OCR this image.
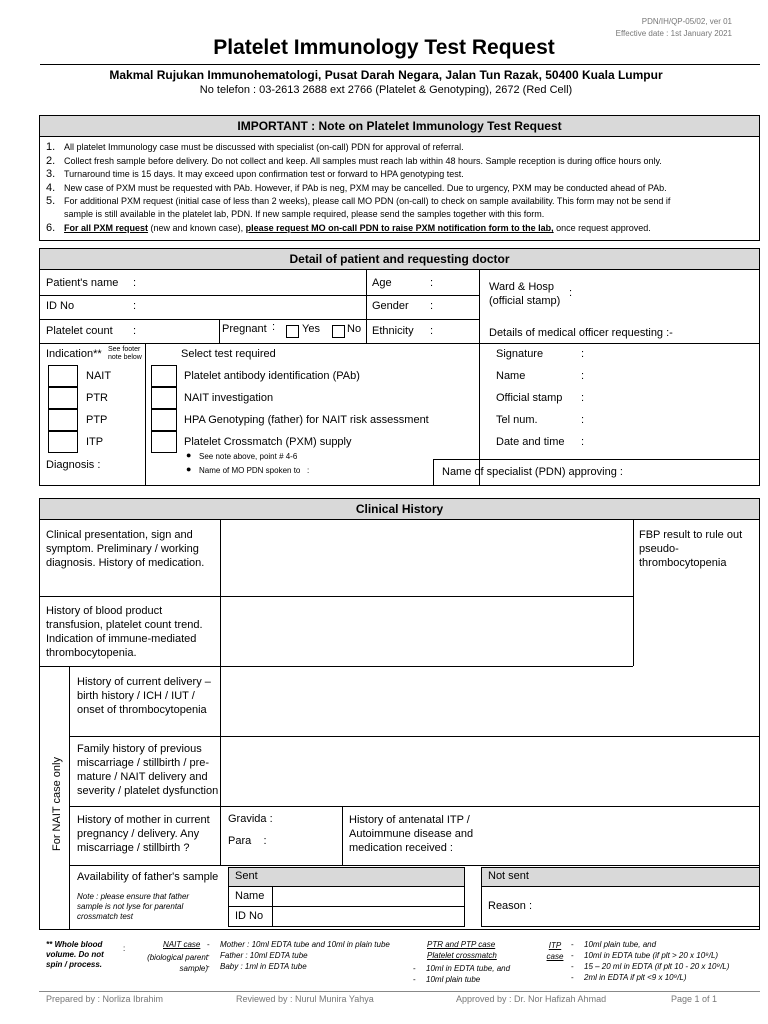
PDN/IH/QP-05/02, ver 01
Effective date : 1st January 2021
Platelet Immunology Test Request
Makmal Rujukan Immunohematologi, Pusat Darah Negara, Jalan Tun Razak, 50400 Kuala Lumpur
No telefon : 03-2613 2688 ext 2766 (Platelet & Genotyping), 2672 (Red Cell)
IMPORTANT : Note on Platelet Immunology Test Request
1. All platelet Immunology case must be discussed with specialist (on-call) PDN for approval of referral.
2. Collect fresh sample before delivery. Do not collect and keep. All samples must reach lab within 48 hours. Sample reception is during office hours only.
3. Turnaround time is 15 days. It may exceed upon confirmation test or forward to HPA genotyping test.
4. New case of PXM must be requested with PAb. However, if PAb is neg, PXM may be cancelled. Due to urgency, PXM may be conducted ahead of PAb.
5. For additional PXM request (initial case of less than 2 weeks), please call MO PDN (on-call) to check on sample availability. This form may not be send if
sample is still available in the platelet lab, PDN. If new sample required, please send the samples together with this form.
6. For all PXM request (new and known case), please request MO on-call PDN to raise PXM notification form to the lab, once request approved.
Detail of patient and requesting doctor
Patient's name :
ID No	:
Platelet count :	Pregnant : Yes No
Age	:
Gender :
Ethnicity :
Ward & Hosp
(official stamp)
:
Details of medical officer requesting :-
Signature	:
Name	:
Official stamp :
Tel num.	:
Date and time :
Indication** See footer note below
NAIT
PTR
PTP
ITP
Diagnosis :
Select test required
Platelet antibody identification (PAb)
NAIT investigation
HPA Genotyping (father) for NAIT risk assessment
Platelet Crossmatch (PXM) supply
● See note above, point # 4-6
● Name of MO PDN spoken to :	Name of specialist (PDN) approving :
Clinical History
Clinical presentation, sign and symptom. Preliminary / working diagnosis. History of medication.
FBP result to rule out pseudo-thrombocytopenia
History of blood product transfusion, platelet count trend. Indication of immune-mediated thrombocytopenia.
For NAIT case only
History of current delivery – birth history / ICH / IUT / onset of thrombocytopenia
Family history of previous miscarriage / stillbirth / pre-mature / NAIT delivery and severity / platelet dysfunction
History of mother in current pregnancy / delivery. Any miscarriage / stillbirth ?
Gravida :
Para    :
History of antenatal ITP / Autoimmune disease and medication received :
Availability of father's sample
Note : please ensure that father sample is not lyse for parental crossmatch test
Sent
Name
ID No
Not sent
Reason :
** Whole blood volume. Do not spin / process.
:	NAIT case
(biological parent sample)
-
-
-
Mother : 10ml EDTA tube and 10ml in plain tube
Father : 10ml EDTA tube
Baby : 1ml in EDTA tube
PTR and PTP case
Platelet crossmatch
-
-
10ml in EDTA tube, and
10ml plain tube
ITP case
-
-
-
-
10ml plain tube, and
10ml in EDTA tube (if plt > 20 x 10⁹/L)
15 – 20 ml in EDTA (if plt 10 - 20 x 10⁹/L)
2ml in EDTA if plt <9 x 10⁹/L)
Prepared by : Norliza Ibrahim	Reviewed by : Nurul Munira Yahya	Approved by : Dr. Nor Hafizah Ahmad	Page 1 of 1
